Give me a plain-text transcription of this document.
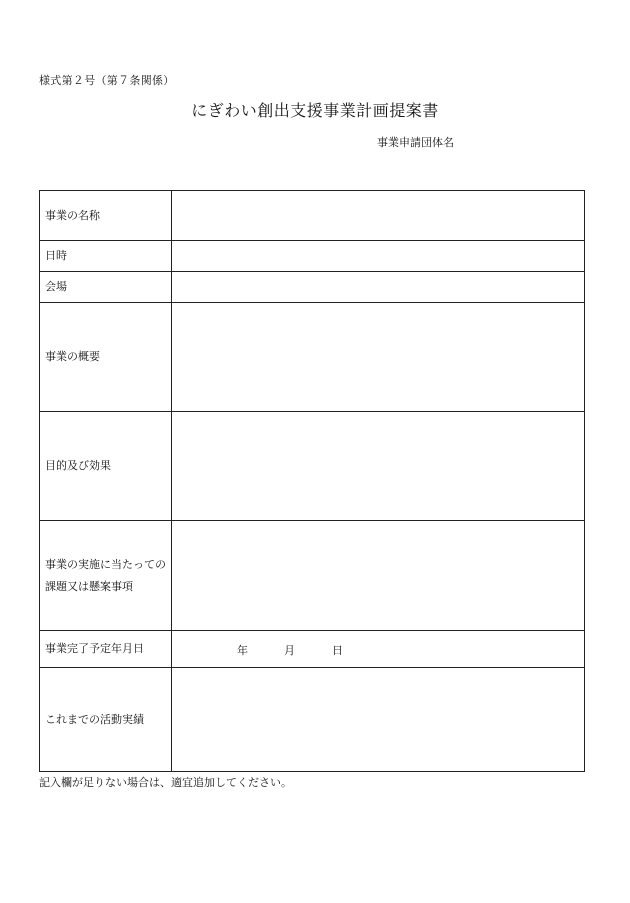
様式第２号（第７条関係）
にぎわい創出支援事業計画提案書
事業申請団体名
事業の名称	
日時	
会場	
事業の概要	
目的及び効果	
事業の実施に当たっての課題又は懸案事項	
事業完了予定年月日	年 月 日

これまでの活動実績	
記入欄が足りない場合は、適宜追加してください。
